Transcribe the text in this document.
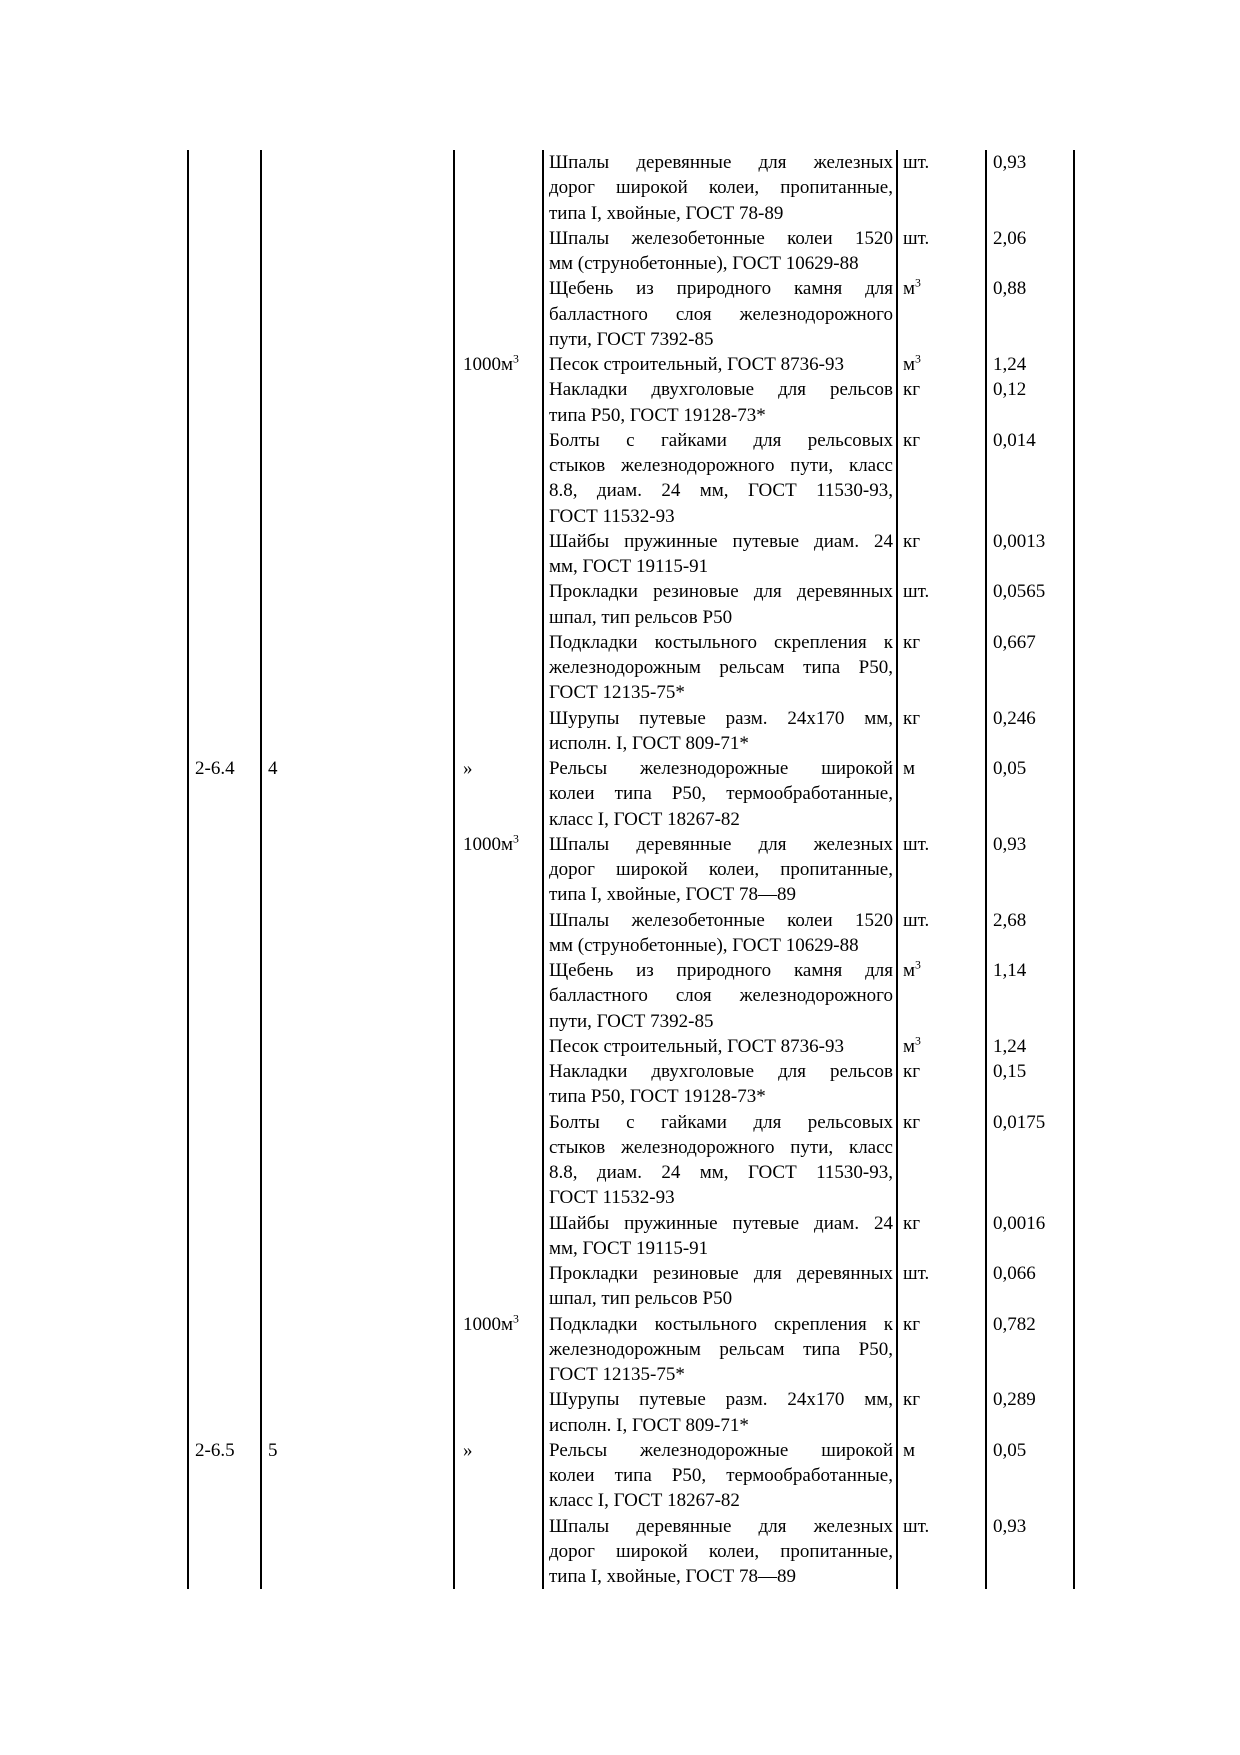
Шпалы деревянные для железных
дорог широкой колеи, пропитанные,
типа I, хвойные, ГОСТ 78-89
шт.	0,93
Шпалы железобетонные колеи 1520
мм (струнобетонные), ГОСТ 10629-88
шт.	2,06
Щебень из природного камня для
балластного слоя железнодорожного
пути, ГОСТ 7392-85
$м^3$	0,88
$1000м^3$	Песок строительный, ГОСТ 8736-93	$м^3$	1,24
Накладки двухголовые для рельсов
типа Р50, ГОСТ 19128-73*
кг	0,12
Болты с гайками для рельсовых
стыков железнодорожного пути, класс
8.8, диам. 24 мм, ГОСТ 11530-93,
ГОСТ 11532-93
кг	0,014
Шайбы пружинные путевые диам. 24
мм, ГОСТ 19115-91
кг	0,0013
Прокладки резиновые для деревянных
шпал, тип рельсов Р50
шт.	0,0565
Подкладки костыльного скрепления к
железнодорожным рельсам типа Р50,
ГОСТ 12135-75*
кг	0,667
Шурупы путевые разм. 24х170 мм,
исполн. I, ГОСТ 809-71*
кг	0,246
2-6.4	4	»	Рельсы железнодорожные широкой
колеи типа Р50, термообработанные,
класс I, ГОСТ 18267-82
м	0,05
$1000м^3$	Шпалы деревянные для железных
дорог широкой колеи, пропитанные,
типа I, хвойные, ГОСТ 78—89
шт.	0,93
Шпалы железобетонные колеи 1520
мм (струнобетонные), ГОСТ 10629-88
шт.	2,68
Щебень из природного камня для
балластного слоя железнодорожного
пути, ГОСТ 7392-85
$м^3$	1,14
Песок строительный, ГОСТ 8736-93	$м^3$	1,24
Накладки двухголовые для рельсов
типа Р50, ГОСТ 19128-73*
кг	0,15
Болты с гайками для рельсовых
стыков железнодорожного пути, класс
8.8, диам. 24 мм, ГОСТ 11530-93,
ГОСТ 11532-93
кг	0,0175
Шайбы пружинные путевые диам. 24
мм, ГОСТ 19115-91
кг	0,0016
Прокладки резиновые для деревянных
шпал, тип рельсов Р50
шт.	0,066
$1000м^3$	Подкладки костыльного скрепления к
железнодорожным рельсам типа Р50,
ГОСТ 12135-75*
кг	0,782
Шурупы путевые разм. 24х170 мм,
исполн. I, ГОСТ 809-71*
кг	0,289
2-6.5	5	»	Рельсы железнодорожные широкой
колеи типа Р50, термообработанные,
класс I, ГОСТ 18267-82
м	0,05
Шпалы деревянные для железных
дорог широкой колеи, пропитанные,
типа I, хвойные, ГОСТ 78—89
шт.	0,93
